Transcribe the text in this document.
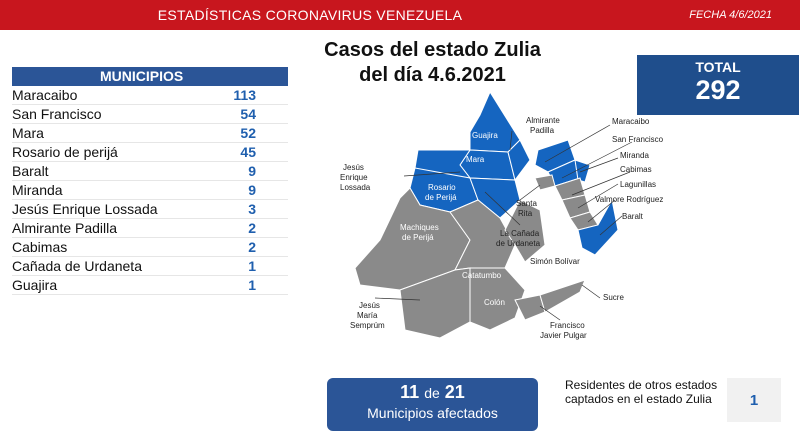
ESTADÍSTICAS CORONAVIRUS VENEZUELA	FECHA 4/6/2021
Casos del estado Zulia
del día 4.6.2021	TOTAL
292
MUNICIPIOS
Maracaibo	113
San Francisco	54
Mara	52
Rosario de perijá	45
Baralt	9
Miranda	9
Jesús Enrique Lossada	3
Almirante Padilla	2
Cabimas	2
Cañada de Urdaneta	1
Guajira	1
Guajira
Mara
Rosario
de Perijá
Machiques
de Perijá
Catatumbo
Colón
Almirante
Padilla
Jesús
Enrique
Lossada
Santa
Rita
La Cañada
de Urdaneta
Simón Bolívar
Maracaibo
San Francisco
Miranda
Cabimas
Lagunillas
Valmore Rodríguez
Baralt
Sucre
Jesús
María
Semprúm	Francisco
Javier Pulgar
11 de 21
Municipios afectados
Residentes de otros estados captados en el estado Zulia	1
